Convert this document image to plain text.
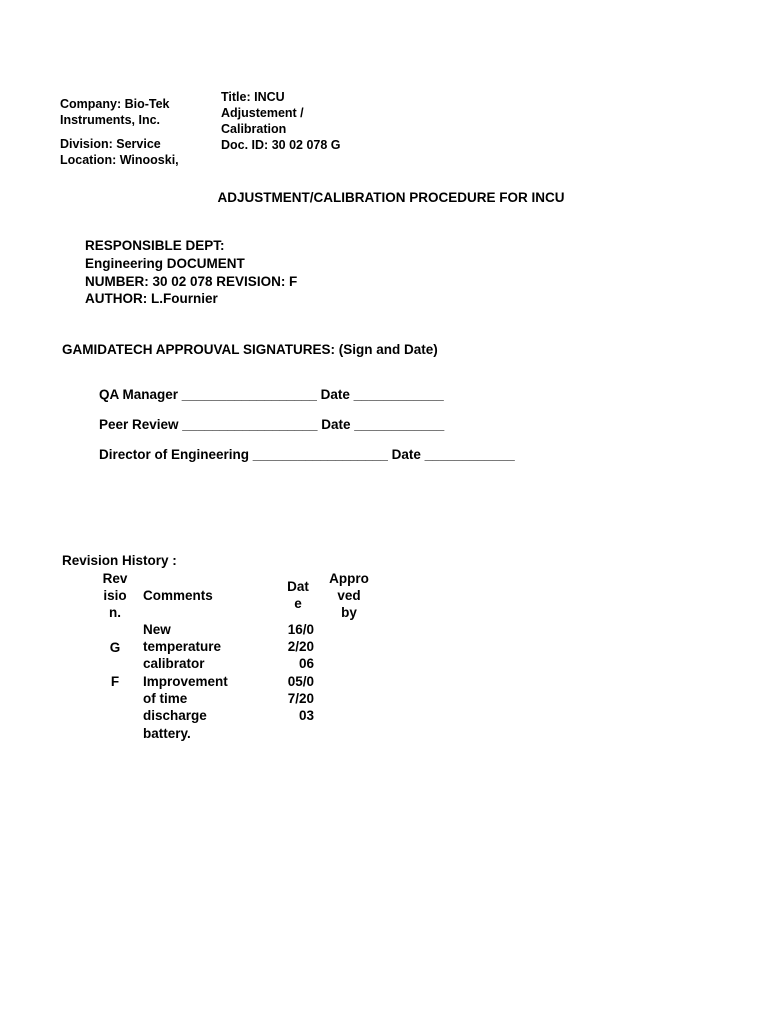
Company: Bio-Tek
Instruments, Inc.
Division: Service
Location: Winooski,
Title: INCU
Adjustement /
Calibration
Doc. ID: 30 02 078 G
ADJUSTMENT/CALIBRATION PROCEDURE FOR INCU
RESPONSIBLE DEPT:
Engineering DOCUMENT
NUMBER: 30 02 078 REVISION: F
AUTHOR: L.Fournier
GAMIDATECH APPROUVAL SIGNATURES: (Sign and Date)
QA Manager __________________ Date ____________
Peer Review __________________ Date ____________
Director of Engineering __________________ Date ____________
Revision History :
Rev
isio
n.
Comments
Dat
e
Appro
ved
by
G
New
temperature
calibrator
16/0
2/20
06
F	Improvement
of time
discharge
battery.
05/0
7/20
03
